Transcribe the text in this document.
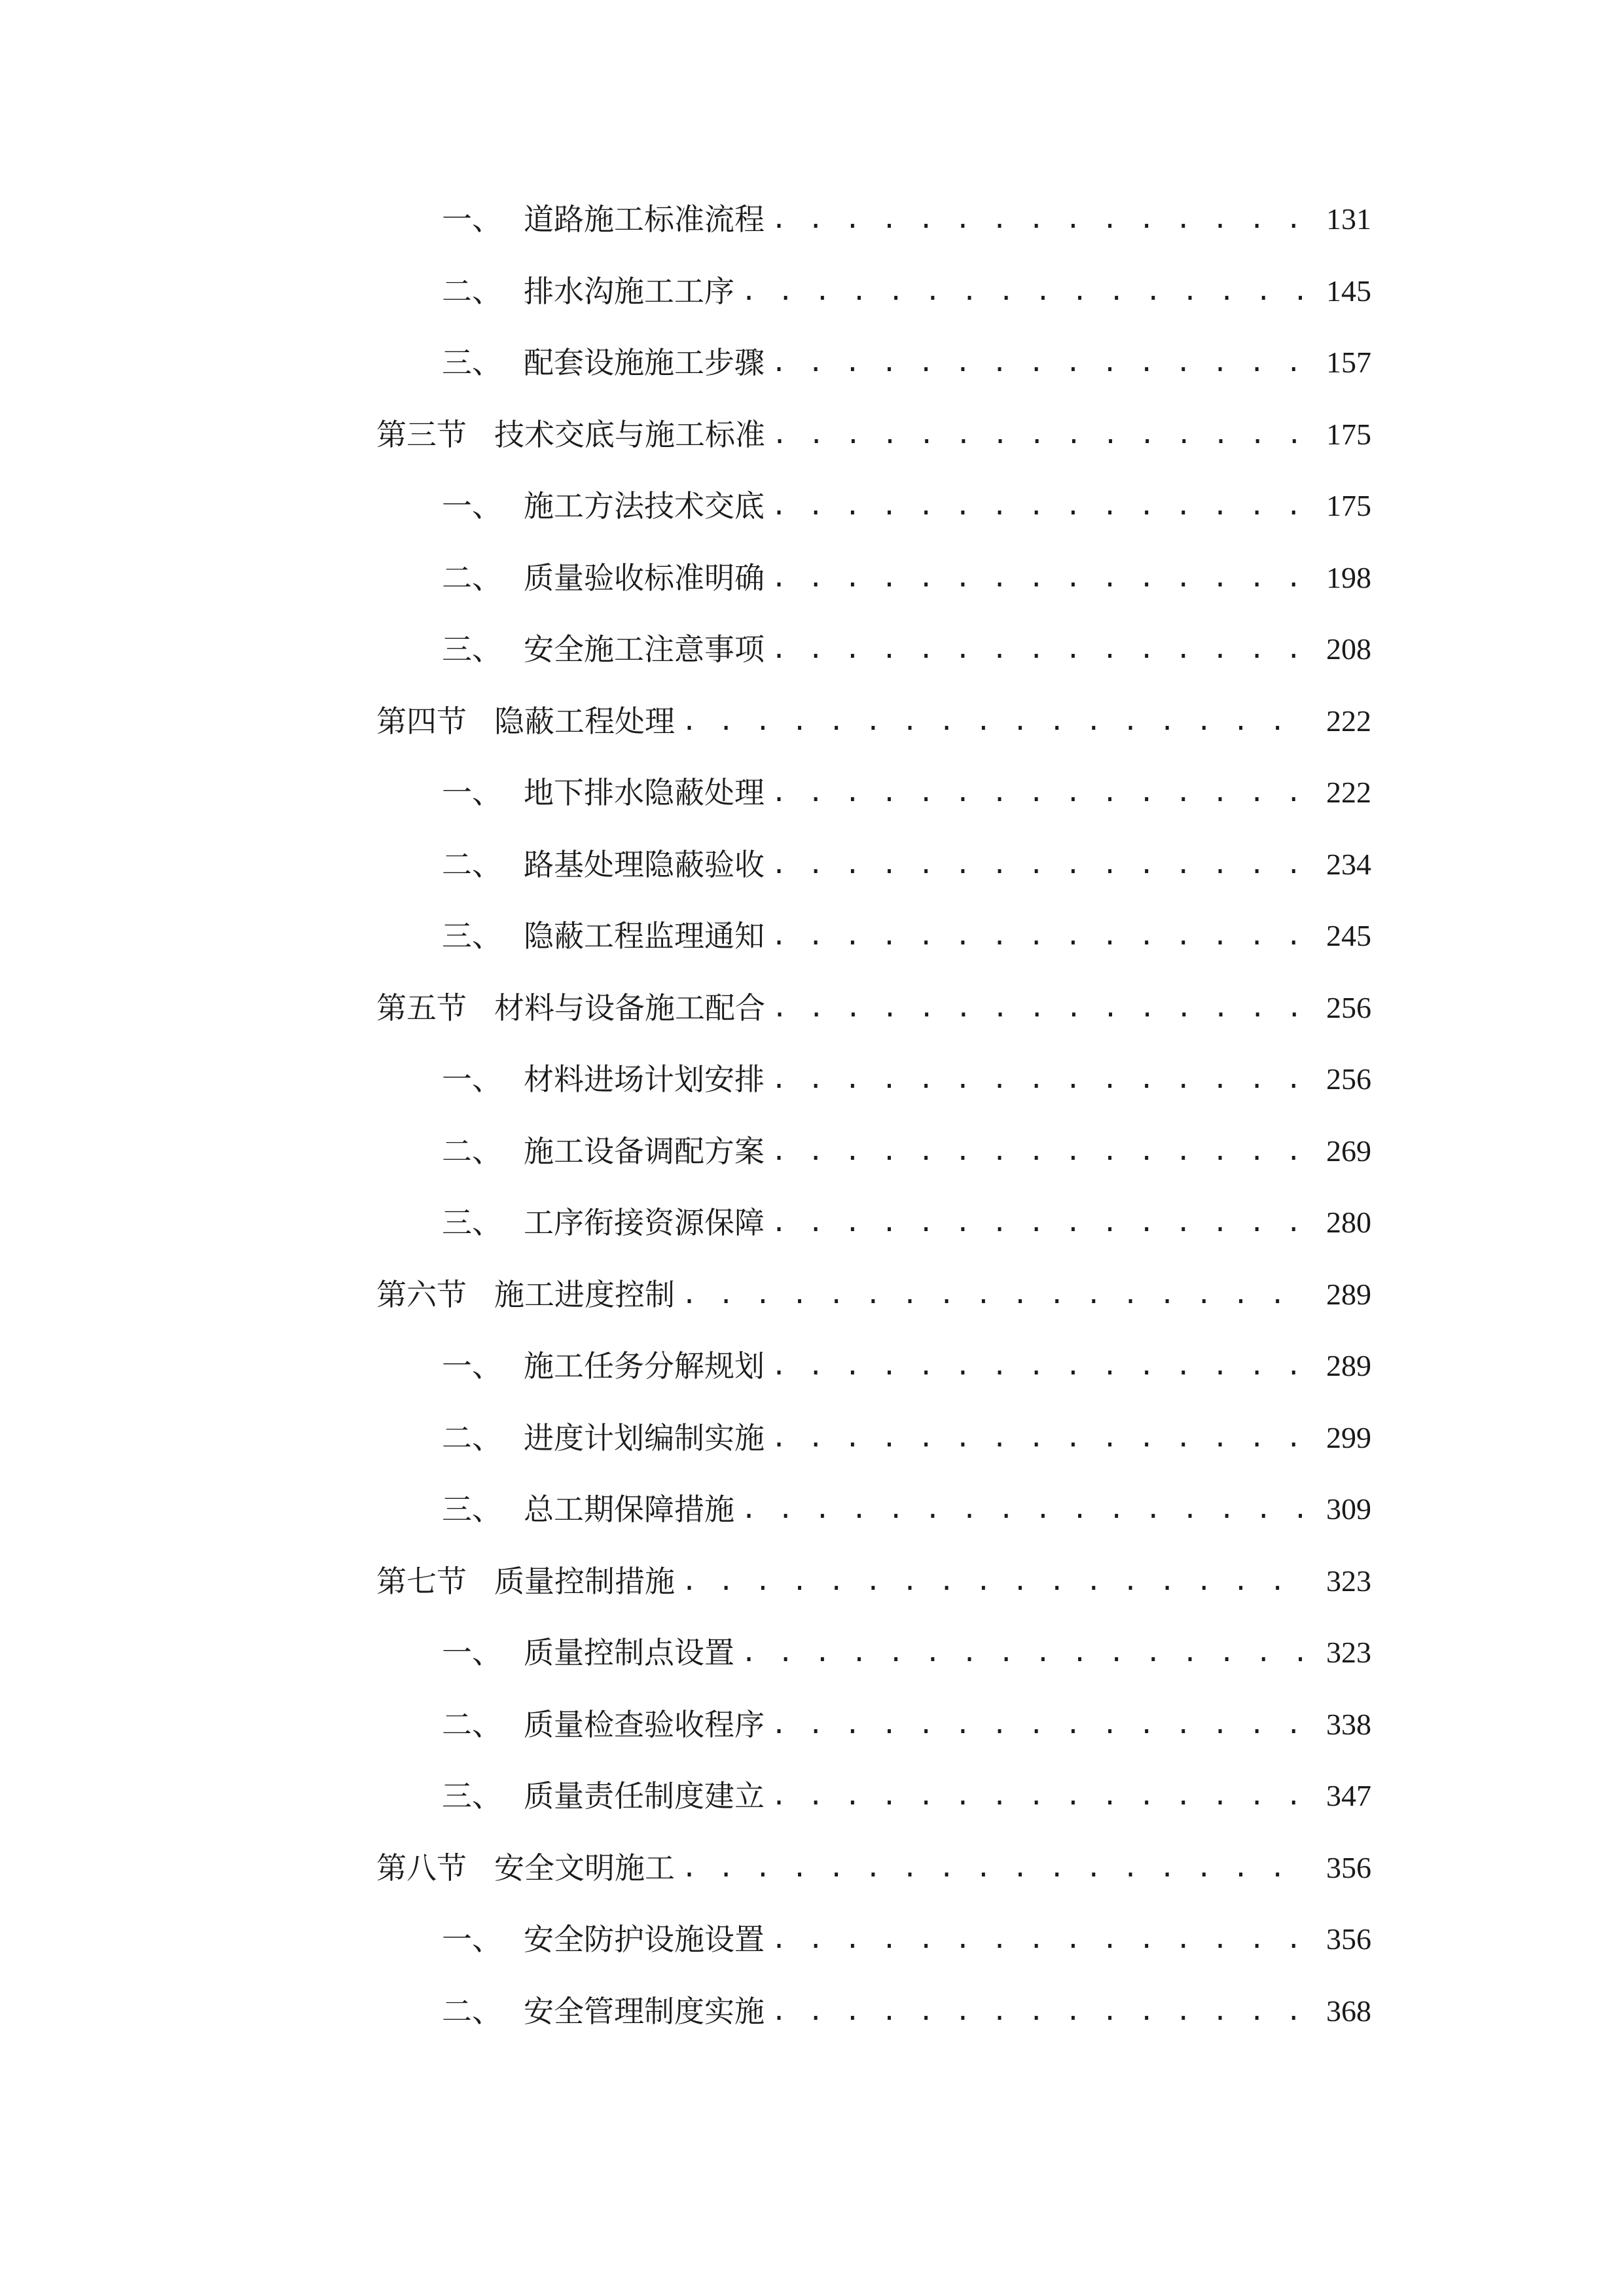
一、 道路施工标准流程 . . .	131
二、 排水沟施工工序 . . .	145
三、 配套设施施工步骤 . . .	157
第三节 技术交底与施工标准 . . .	175
一、 施工方法技术交底 . . .	175
二、 质量验收标准明确 . . .	198
三、 安全施工注意事项 . . .	208
第四节 隐蔽工程处理 . . .	222
一、 地下排水隐蔽处理 . . .	222
二、 路基处理隐蔽验收 . . .	234
三、 隐蔽工程监理通知 . . .	245
第五节 材料与设备施工配合 . . .	256
一、 材料进场计划安排 . . .	256
二、 施工设备调配方案 . . .	269
三、 工序衔接资源保障 . . .	280
第六节 施工进度控制 . . .	289
一、 施工任务分解规划 . . .	289
二、 进度计划编制实施 . . .	299
三、 总工期保障措施 . . .	309
第七节 质量控制措施 . . .	323
一、 质量控制点设置 . . .	323
二、 质量检查验收程序 . . .	338
三、 质量责任制度建立 . . .	347
第八节 安全文明施工 . . .	356
一、 安全防护设施设置 . . .	356
二、 安全管理制度实施 . . .	368
